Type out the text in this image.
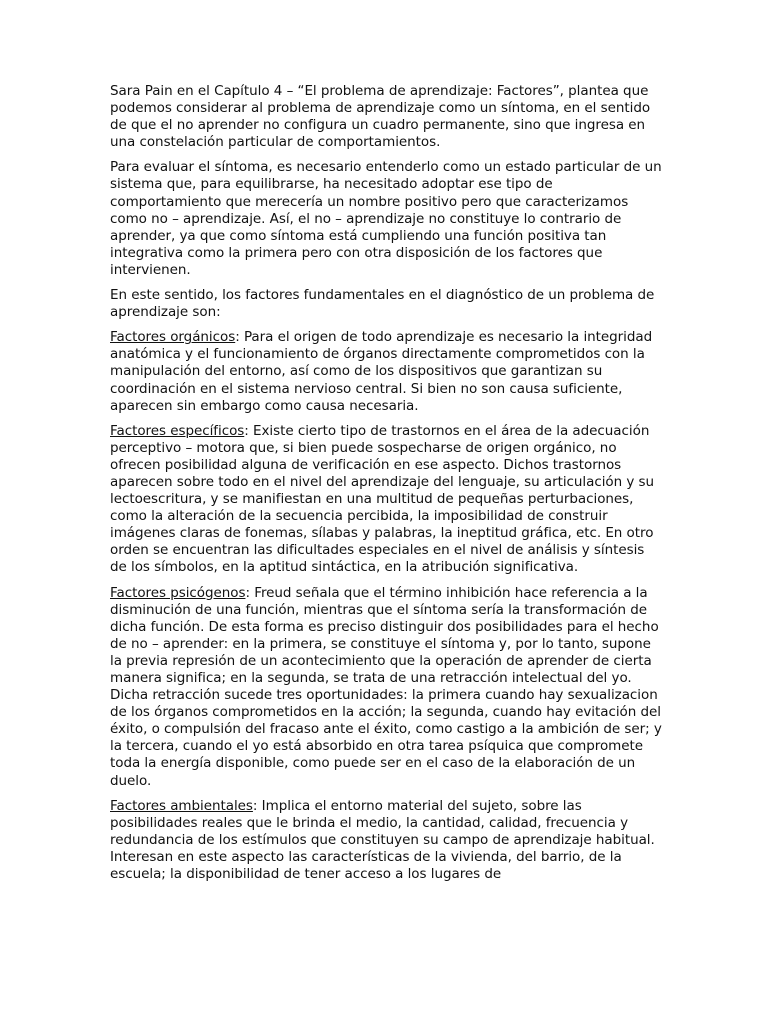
Sara Pain en el Capítulo 4 – “El problema de aprendizaje: Factores”, plantea que podemos considerar al problema de aprendizaje como un síntoma, en el sentido de que el no aprender no configura un cuadro permanente, sino que ingresa en una constelación particular de comportamientos.

Para evaluar el síntoma, es necesario entenderlo como un estado particular de un sistema que, para equilibrarse, ha necesitado adoptar ese tipo de comportamiento que merecería un nombre positivo pero que caracterizamos como no – aprendizaje. Así, el no – aprendizaje no constituye lo contrario de aprender, ya que como síntoma está cumpliendo una función positiva tan integrativa como la primera pero con otra disposición de los factores que intervienen.

En este sentido, los factores fundamentales en el diagnóstico de un problema de aprendizaje son:

Factores orgánicos: Para el origen de todo aprendizaje es necesario la integridad anatómica y el funcionamiento de órganos directamente comprometidos con la manipulación del entorno, así como de los dispositivos que garantizan su coordinación en el sistema nervioso central. Si bien no son causa suficiente, aparecen sin embargo como causa necesaria.

Factores específicos: Existe cierto tipo de trastornos en el área de la adecuación perceptivo – motora que, si bien puede sospecharse de origen orgánico, no ofrecen posibilidad alguna de verificación en ese aspecto. Dichos trastornos aparecen sobre todo en el nivel del aprendizaje del lenguaje, su articulación y su lectoescritura, y se manifiestan en una multitud de pequeñas perturbaciones, como la alteración de la secuencia percibida, la imposibilidad de construir imágenes claras de fonemas, sílabas y palabras, la ineptitud gráfica, etc. En otro orden se encuentran las dificultades especiales en el nivel de análisis y síntesis de los símbolos, en la aptitud sintáctica, en la atribución significativa.

Factores psicógenos: Freud señala que el término inhibición hace referencia a la disminución de una función, mientras que el síntoma sería la transformación de dicha función. De esta forma es preciso distinguir dos posibilidades para el hecho de no – aprender: en la primera, se constituye el síntoma y, por lo tanto, supone la previa represión de un acontecimiento que la operación de aprender de cierta manera significa; en la segunda, se trata de una retracción intelectual del yo. Dicha retracción sucede tres oportunidades: la primera cuando hay sexualizacion de los órganos comprometidos en la acción; la segunda, cuando hay evitación del éxito, o compulsión del fracaso ante el éxito, como castigo a la ambición de ser; y la tercera, cuando el yo está absorbido en otra tarea psíquica que compromete toda la energía disponible, como puede ser en el caso de la elaboración de un duelo.

Factores ambientales: Implica el entorno material del sujeto, sobre las posibilidades reales que le brinda el medio, la cantidad, calidad, frecuencia y redundancia de los estímulos que constituyen su campo de aprendizaje habitual. Interesan en este aspecto las características de la vivienda, del barrio, de la escuela; la disponibilidad de tener acceso a los lugares de
